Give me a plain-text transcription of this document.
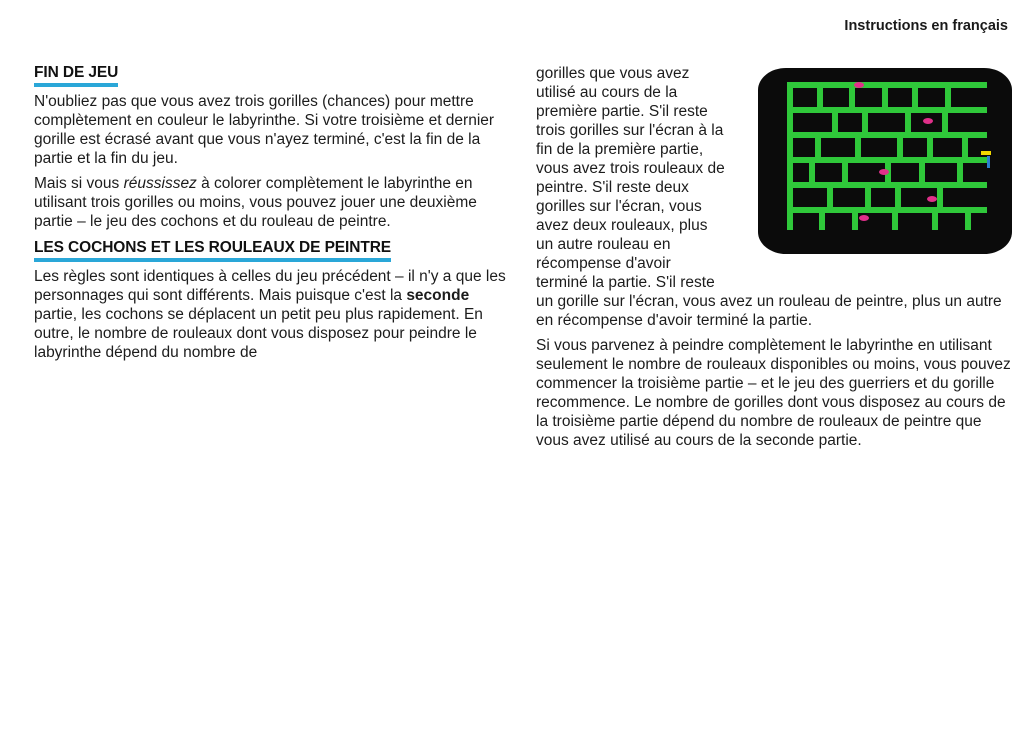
Instructions en français
FIN DE JEU

N'oubliez pas que vous avez trois gorilles (chances) pour mettre complètement en couleur le labyrinthe. Si votre troisième et dernier gorille est écrasé avant que vous n'ayez terminé, c'est la fin de la partie et la fin du jeu.

Mais si vous réussissez à colorer complètement le labyrinthe en utilisant trois gorilles ou moins, vous pouvez jouer une deuxième partie – le jeu des cochons et du rouleau de peintre.

LES COCHONS ET LES ROULEAUX DE PEINTRE

Les règles sont identiques à celles du jeu précédent – il n'y a que les personnages qui sont différents. Mais puisque c'est la seconde partie, les cochons se déplacent un petit peu plus rapidement. En outre, le nombre de rouleaux dont vous disposez pour peindre le labyrinthe dépend du nombre de

gorilles que vous avez
utilisé au cours de la
première partie. S'il reste
trois gorilles sur l'écran à la
fin de la première partie,
vous avez trois rouleaux de
peintre. S'il reste deux
gorilles sur l'écran, vous
avez deux rouleaux, plus
un autre rouleau en
récompense d'avoir
terminé la partie. S'il reste

un gorille sur l'écran, vous avez un rouleau de peintre, plus un autre en récompense d'avoir terminé la partie.

Si vous parvenez à peindre complètement le labyrinthe en utilisant seulement le nombre de rouleaux disponibles ou moins, vous pouvez commencer la troisième partie – et le jeu des guerriers et du gorille recommence. Le nombre de gorilles dont vous disposez au cours de la troisième partie dépend du nombre de rouleaux de peintre que vous avez utilisé au cours de la seconde partie.
